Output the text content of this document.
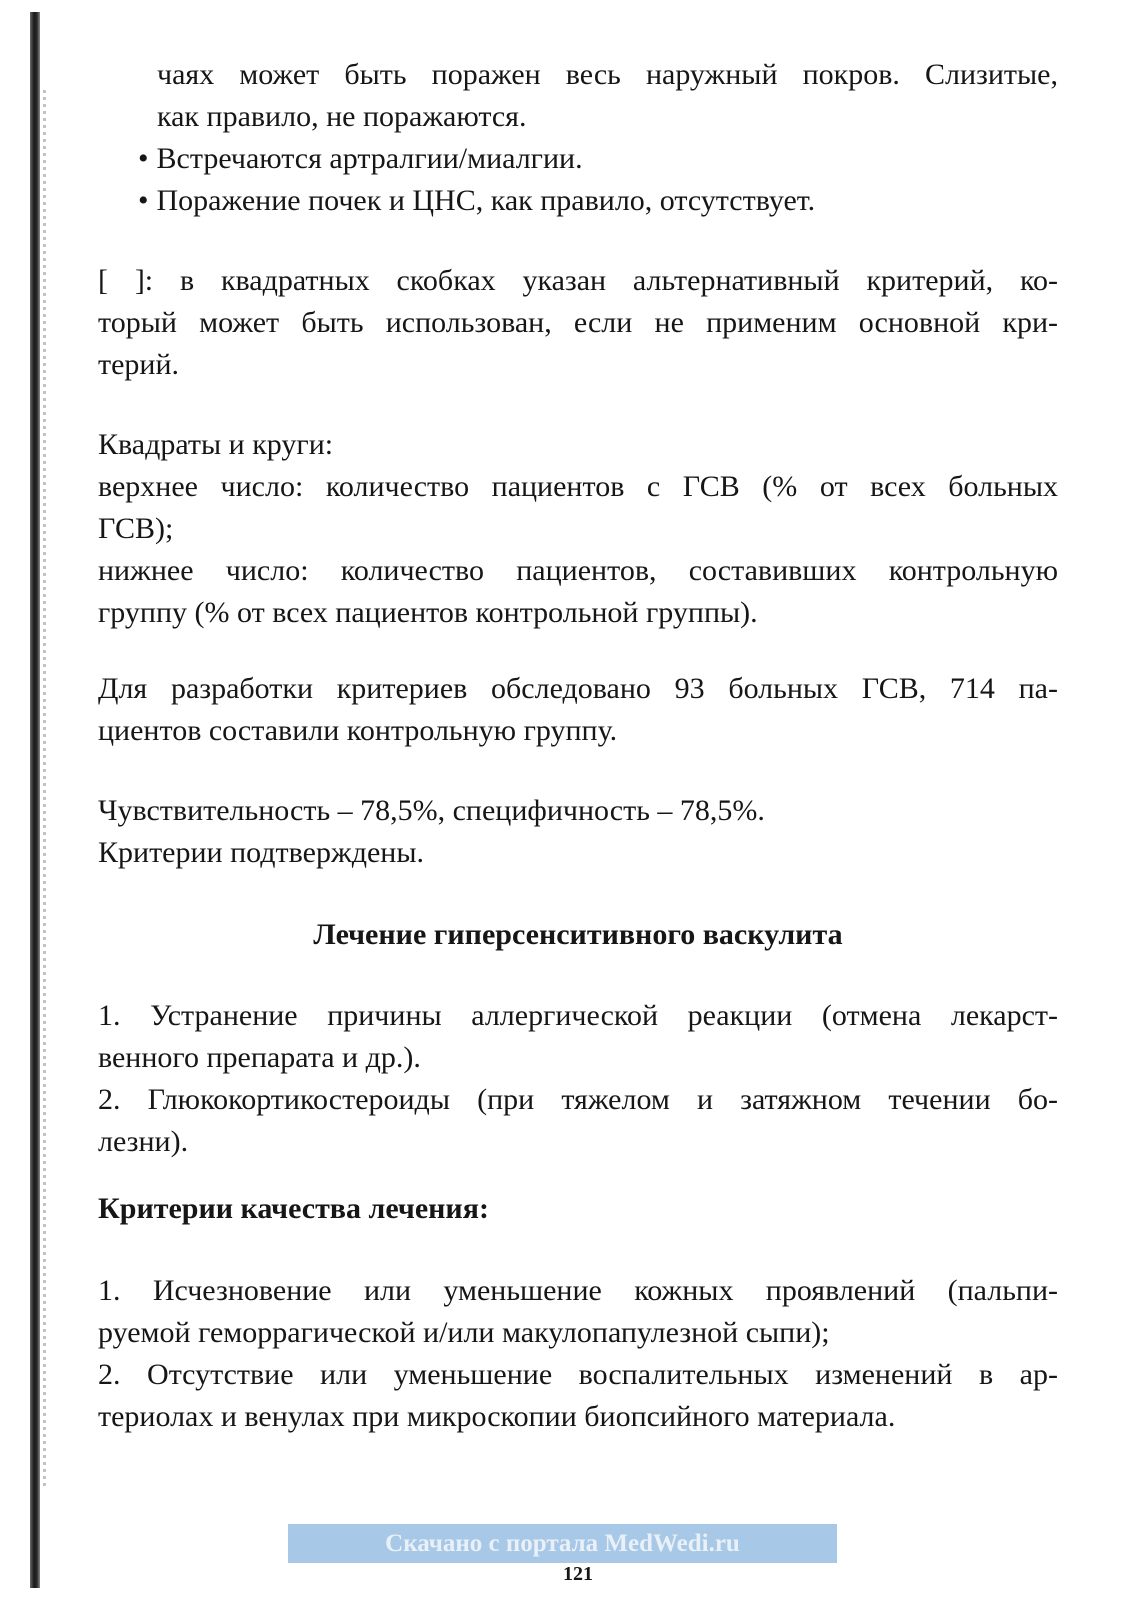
чаях может быть поражен весь наружный покров. Слизитые,
как правило, не поражаются.
• Встречаются артралгии/миалгии.
• Поражение почек и ЦНС, как правило, отсутствует.
[ ]: в квадратных скобках указан альтернативный критерий, ко-
торый может быть использован, если не применим основной кри-
терий.
Квадраты и круги:
верхнее число: количество пациентов с ГСВ (% от всех больных
ГСВ);
нижнее число: количество пациентов, составивших контрольную
группу (% от всех пациентов контрольной группы).
Для разработки критериев обследовано 93 больных ГСВ, 714 па-
циентов составили контрольную группу.
Чувствительность – 78,5%, специфичность – 78,5%.
Критерии подтверждены.
Лечение гиперсенситивного васкулита
1. Устранение причины аллергической реакции (отмена лекарст-
венного препарата и др.).
2. Глюкокортикостероиды (при тяжелом и затяжном течении бо-
лезни).
Критерии качества лечения:
1. Исчезновение или уменьшение кожных проявлений (пальпи-
руемой геморрагической и/или макулопапулезной сыпи);
2. Отсутствие или уменьшение воспалительных изменений в ар-
териолах и венулах при микроскопии биопсийного материала.
Скачано с портала MedWedi.ru
121
